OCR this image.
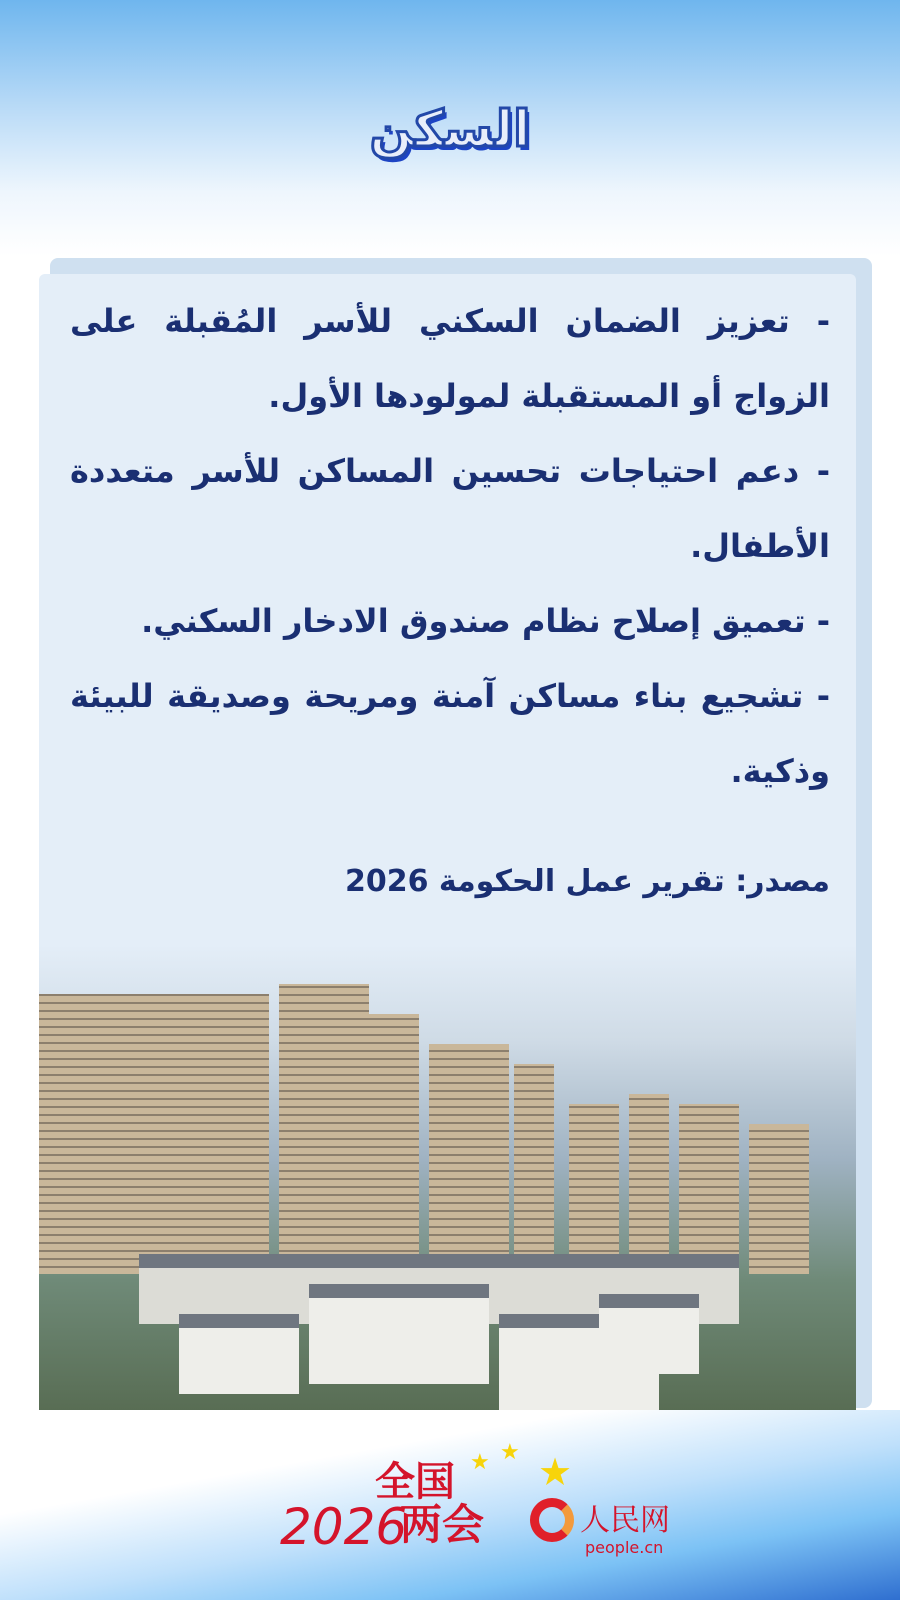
السكن

- تعزيز الضمان السكني للأسر المُقبلة على الزواج أو المستقبلة لمولودها الأول.

- دعم احتياجات تحسين المساكن للأسر متعددة الأطفال.

- تعميق إصلاح نظام صندوق الادخار السكني.

- تشجيع بناء مساكن آمنة ومريحة وصديقة للبيئة وذكية.

مصدر: تقرير عمل الحكومة 2026
全国
2026
两会
★ ★ ★
人民网
people.cn
